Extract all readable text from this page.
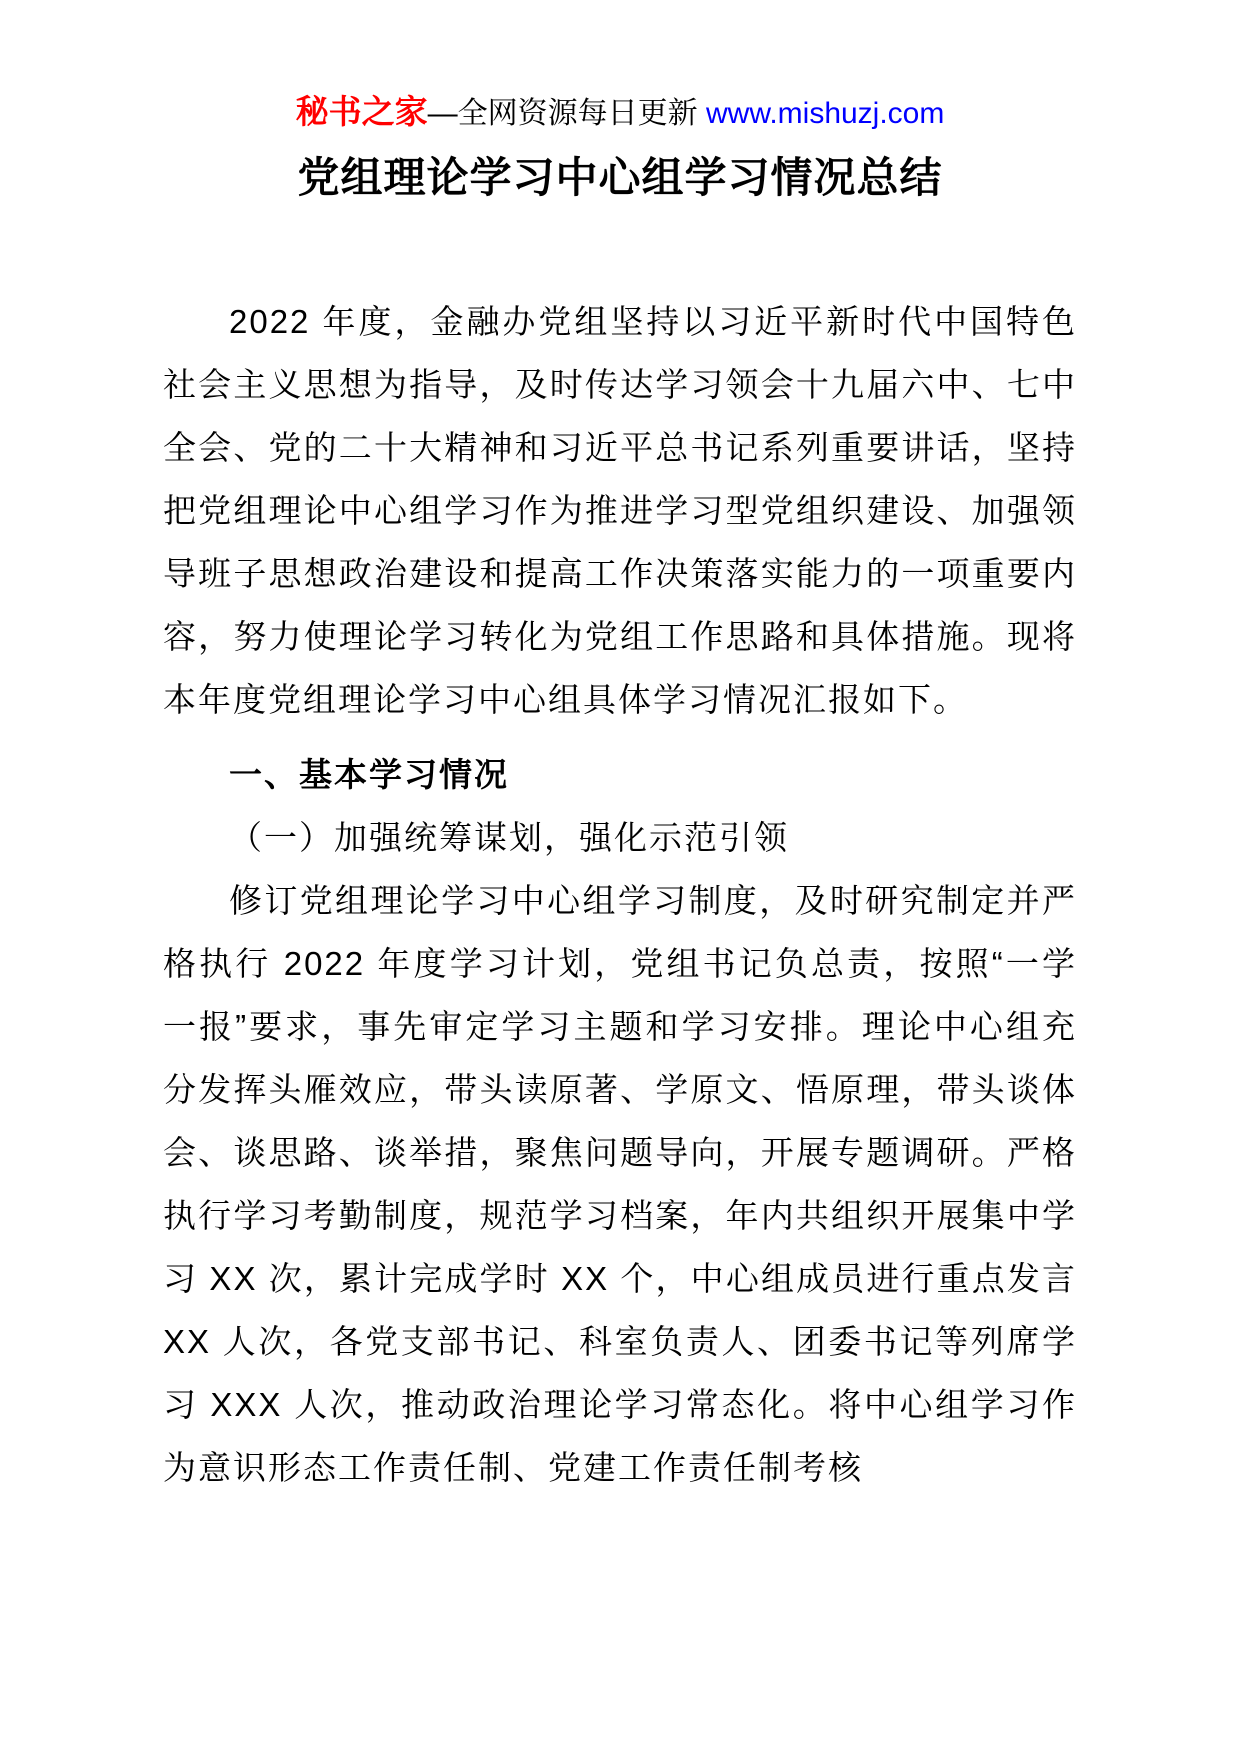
秘书之家—全网资源每日更新 www.mishuzj.com
党组理论学习中心组学习情况总结

2022 年度，金融办党组坚持以习近平新时代中国特色社会主义思想为指导，及时传达学习领会十九届六中、七中全会、党的二十大精神和习近平总书记系列重要讲话，坚持把党组理论中心组学习作为推进学习型党组织建设、加强领导班子思想政治建设和提高工作决策落实能力的一项重要内容，努力使理论学习转化为党组工作思路和具体措施。现将本年度党组理论学习中心组具体学习情况汇报如下。

一、基本学习情况

（一）加强统筹谋划，强化示范引领

修订党组理论学习中心组学习制度，及时研究制定并严格执行 2022 年度学习计划，党组书记负总责，按照“一学一报”要求，事先审定学习主题和学习安排。理论中心组充分发挥头雁效应，带头读原著、学原文、悟原理，带头谈体会、谈思路、谈举措，聚焦问题导向，开展专题调研。严格执行学习考勤制度，规范学习档案，年内共组织开展集中学习 XX 次，累计完成学时 XX 个，中心组成员进行重点发言 XX 人次，各党支部书记、科室负责人、团委书记等列席学习 XXX 人次，推动政治理论学习常态化。将中心组学习作为意识形态工作责任制、党建工作责任制考核
